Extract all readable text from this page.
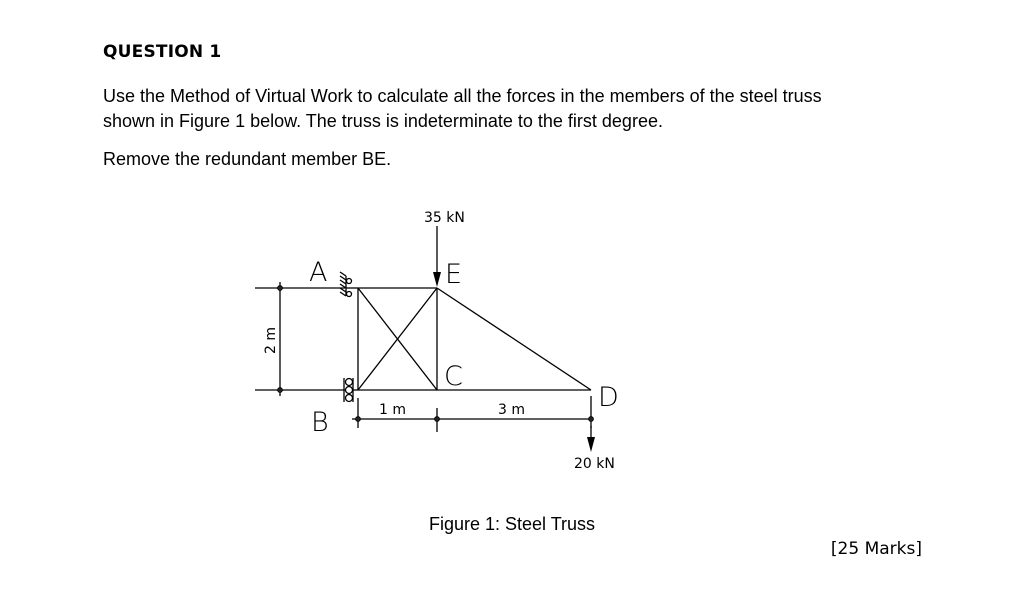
QUESTION 1
Use the Method of Virtual Work to calculate all the forces in the members of the steel truss
shown in Figure 1 below. The truss is indeterminate to the first degree.
Remove the redundant member BE.
A
B
C
D
E
35 kN
20 kN
1 m	3 m
2 m
Figure 1: Steel Truss
[25 Marks]
